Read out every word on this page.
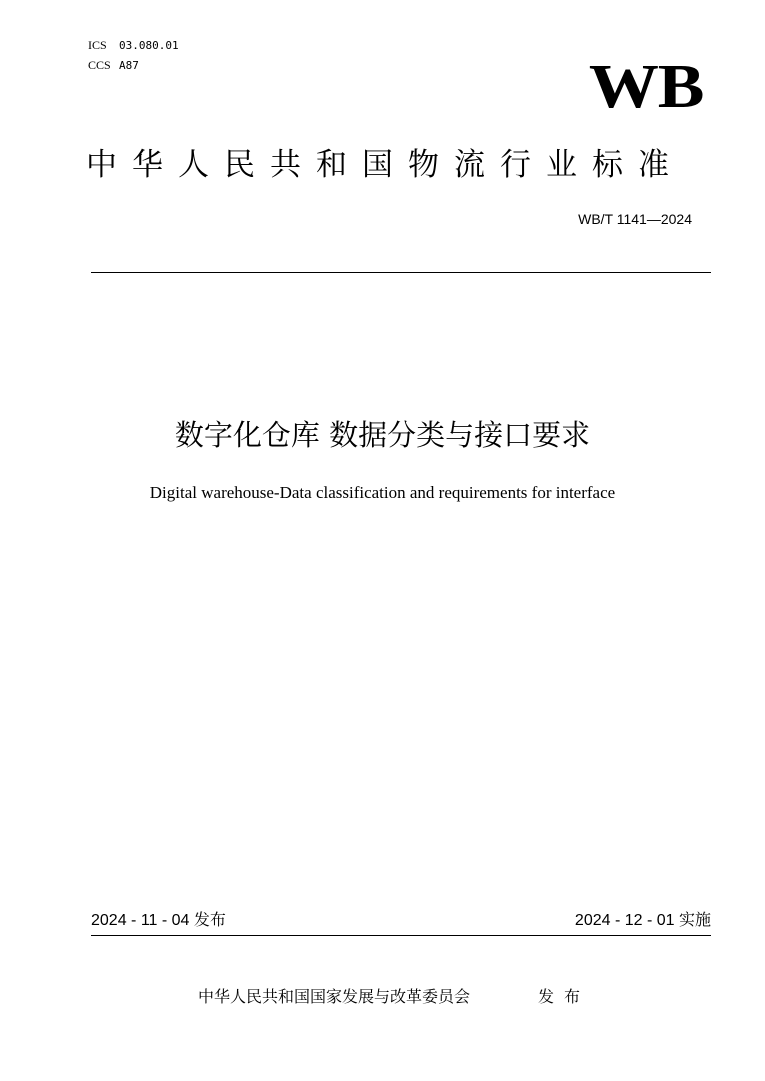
ICS 03.080.01
CCS A87	WB
中华人民共和国物流行业标准
WB/T 1141—2024
数字化仓库 数据分类与接口要求
Digital warehouse-Data classification and requirements for interface
2024 - 11 - 04 发布	2024 - 12 - 01 实施
中华人民共和国国家发展与改革委员会	发布
